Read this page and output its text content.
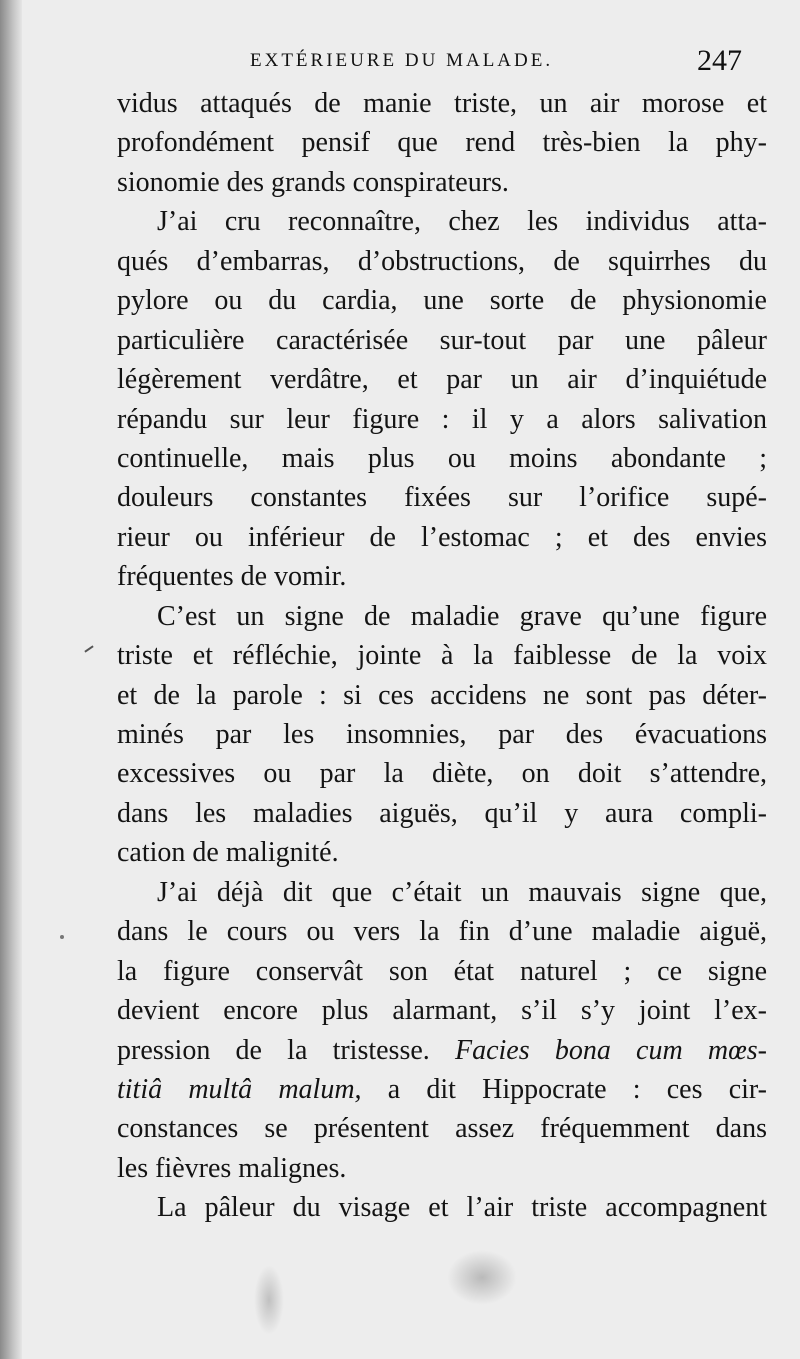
EXTÉRIEURE DU MALADE.	247
vidus attaqués de manie triste, un air morose et
profondément pensif que rend très-bien la phy-
sionomie des grands conspirateurs.
J’ai cru reconnaître, chez les individus atta-
qués d’embarras, d’obstructions, de squirrhes du
pylore ou du cardia, une sorte de physionomie
particulière caractérisée sur-tout par une pâleur
légèrement verdâtre, et par un air d’inquiétude
répandu sur leur figure : il y a alors salivation
continuelle, mais plus ou moins abondante ;
douleurs constantes fixées sur l’orifice supé-
rieur ou inférieur de l’estomac ; et des envies
fréquentes de vomir.
C’est un signe de maladie grave qu’une figure
triste et réfléchie, jointe à la faiblesse de la voix
et de la parole : si ces accidens ne sont pas déter-
minés par les insomnies, par des évacuations
excessives ou par la diète, on doit s’attendre,
dans les maladies aiguës, qu’il y aura compli-
cation de malignité.
J’ai déjà dit que c’était un mauvais signe que,
dans le cours ou vers la fin d’une maladie aiguë,
la figure conservât son état naturel ; ce signe
devient encore plus alarmant, s’il s’y joint l’ex-
pression de la tristesse. Facies bona cum mœs-
titiâ multâ malum, a dit Hippocrate : ces cir-
constances se présentent assez fréquemment dans
les fièvres malignes.
La pâleur du visage et l’air triste accompagnent
